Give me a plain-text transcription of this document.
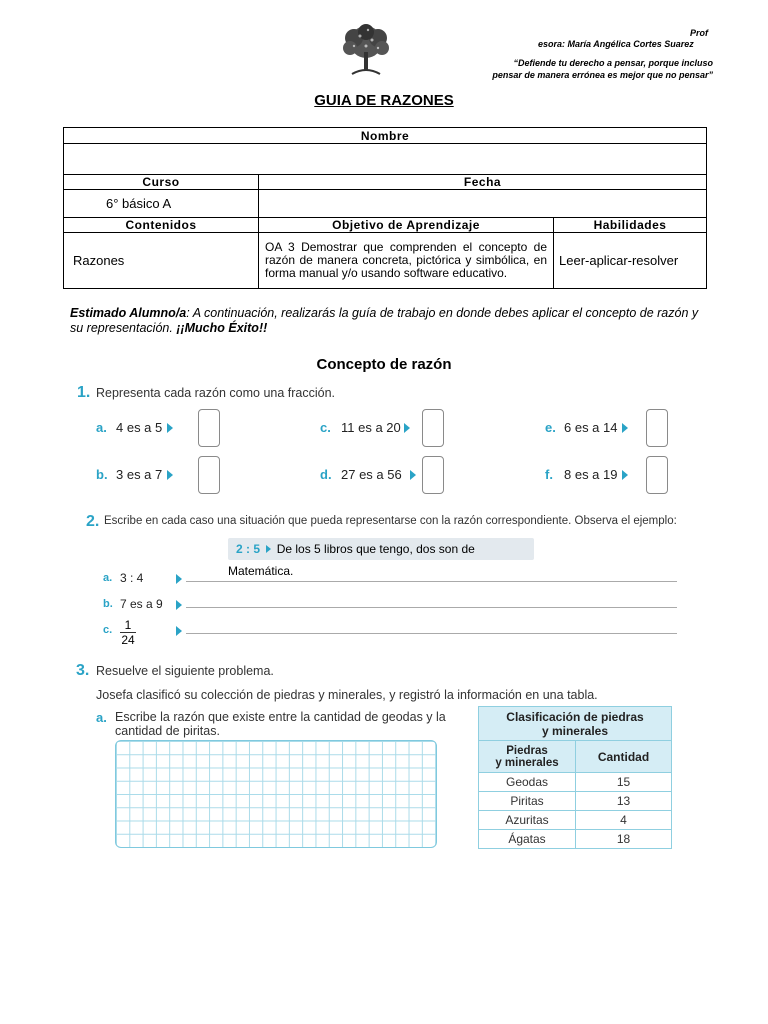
Prof
esora: María Angélica Cortes Suarez
“Defiende tu derecho a pensar, porque incluso
pensar de manera errónea es mejor que no pensar”
GUIA DE RAZONES
Nombre		

Curso	Fecha	
6° básico A		
Contenidos	Objetivo de Aprendizaje	Habilidades
Razones	OA 3 Demostrar que comprenden el concepto de razón de manera concreta, pictórica y simbólica, en forma manual y/o usando software educativo.	Leer-aplicar-resolver
Estimado Alumno/a: A continuación, realizarás la guía de trabajo en donde debes aplicar el concepto de razón y su representación. ¡¡Mucho Éxito!!
Concepto de razón
1. Representa cada razón como una fracción.
a. 4 es a 5	c. 11 es a 20	e. 6 es a 14
b. 3 es a 7	d. 27 es a 56	f. 8 es a 19
2. Escribe en cada caso una situación que pueda representarse con la razón correspondiente. Observa el ejemplo:
2 : 5 De los 5 libros que tengo, dos son de Matemática.
a. 3 : 4
b. 7 es a 9
c.	1
24
3. Resuelve el siguiente problema.
Josefa clasificó su colección de piedras y minerales, y registró la información en una tabla.
a. Escribe la razón que existe entre la cantidad de geodas y la
cantidad de piritas.
Clasificación de piedras
y minerales	

Piedras
y minerales	Cantidad
Geodas	15
Piritas	13
Azuritas	4
Ágatas	18
